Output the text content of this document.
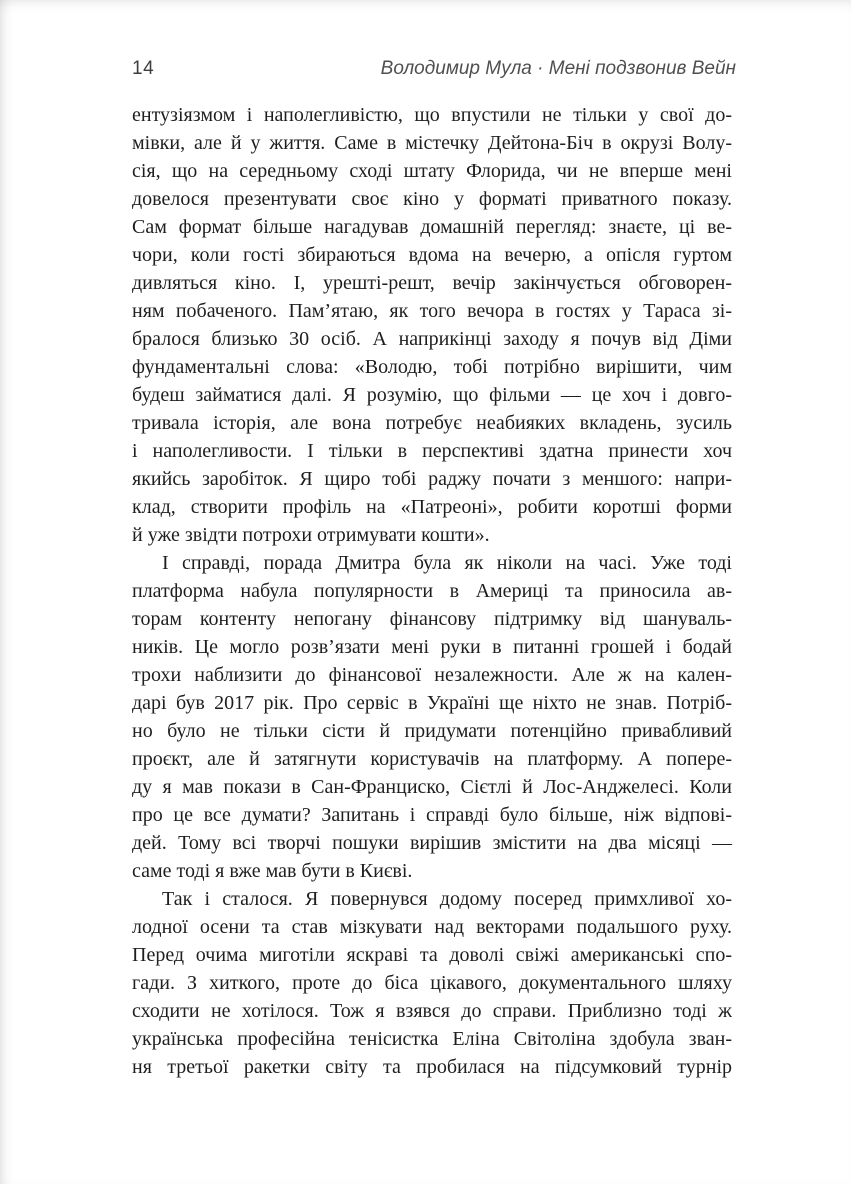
14	Володимир Мула · Мені подзвонив Вейн
ентузіязмом і наполегливістю, що впустили не тільки у свої до-
мівки, але й у життя. Саме в містечку Дейтона-Біч в окрузі Волу-
сія, що на середньому сході штату Флорида, чи не вперше мені
довелося презентувати своє кіно у форматі приватного показу.
Сам формат більше нагадував домашній перегляд: знаєте, ці ве-
чори, коли гості збираються вдома на вечерю, а опісля гуртом
дивляться кіно. І, урешті-решт, вечір закінчується обговорен-
ням побаченого. Пам’ятаю, як того вечора в гостях у Тараса зі-
бралося близько 30 осіб. А наприкінці заходу я почув від Діми
фундаментальні слова: «Володю, тобі потрібно вирішити, чим
будеш займатися далі. Я розумію, що фільми — це хоч і довго-
тривала історія, але вона потребує неабияких вкладень, зусиль
і наполегливости. І тільки в перспективі здатна принести хоч
якийсь заробіток. Я щиро тобі раджу почати з меншого: напри-
клад, створити профіль на «Патреоні», робити коротші форми
й уже звідти потрохи отримувати кошти».
І справді, порада Дмитра була як ніколи на часі. Уже тоді
платформа набула популярности в Америці та приносила ав-
торам контенту непогану фінансову підтримку від шануваль-
ників. Це могло розв’язати мені руки в питанні грошей і бодай
трохи наблизити до фінансової незалежности. Але ж на кален-
дарі був 2017 рік. Про сервіс в Україні ще ніхто не знав. Потріб-
но було не тільки сісти й придумати потенційно привабливий
проєкт, але й затягнути користувачів на платформу. А попере-
ду я мав покази в Сан-Франциско, Сієтлі й Лос-Анджелесі. Коли
про це все думати? Запитань і справді було більше, ніж відпові-
дей. Тому всі творчі пошуки вирішив змістити на два місяці —
саме тоді я вже мав бути в Києві.
Так і сталося. Я повернувся додому посеред примхливої хо-
лодної осени та став мізкувати над векторами подальшого руху.
Перед очима миготіли яскраві та доволі свіжі американські спо-
гади. З хиткого, проте до біса цікавого, документального шляху
сходити не хотілося. Тож я взявся до справи. Приблизно тоді ж
українська професійна тенісистка Еліна Світоліна здобула зван-
ня третьої ракетки світу та пробилася на підсумковий турнір
